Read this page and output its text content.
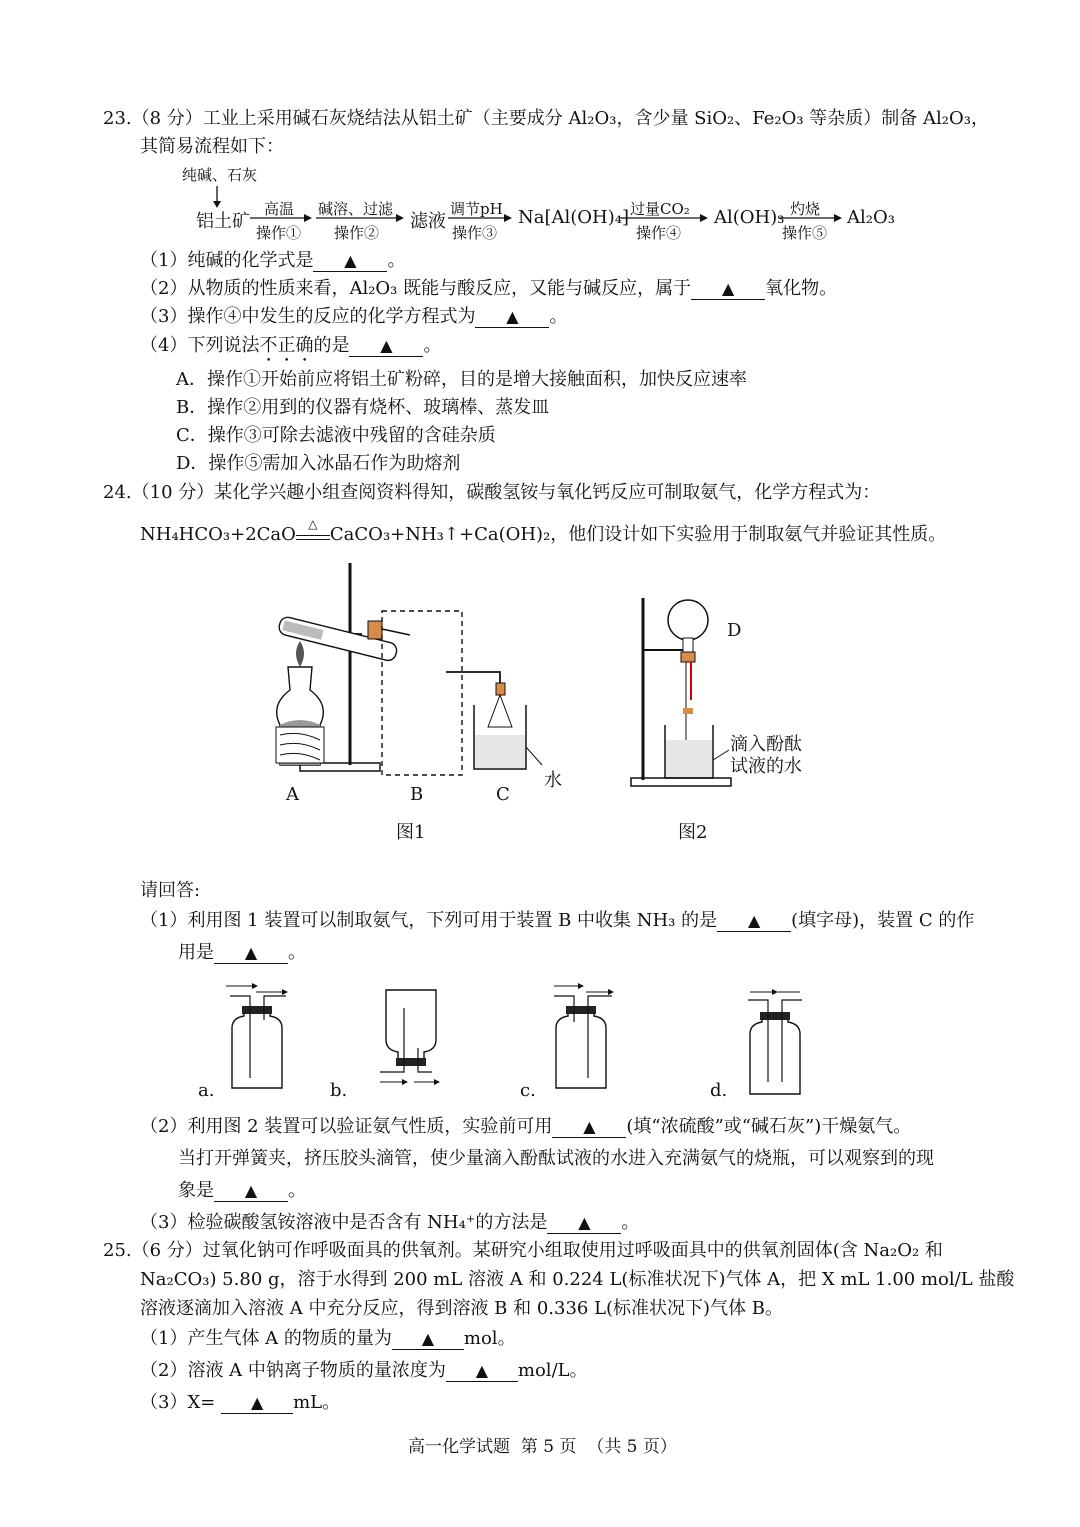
23.（8 分）工业上采用碱石灰烧结法从铝土矿（主要成分 Al₂O₃，含少量 SiO₂、Fe₂O₃ 等杂质）制备 Al₂O₃，
其简易流程如下：
纯碱、石灰
铝土矿
高温
操作①
碱溶、过滤
操作②
滤液
调节pH
操作③
Na[Al(OH)₄] 过量CO₂
操作④
Al(OH)₃ 灼烧
操作⑤
Al₂O₃
（1）纯碱的化学式是 ▲ 。
（2）从物质的性质来看，Al₂O₃ 既能与酸反应，又能与碱反应，属于 ▲ 氧化物。
（3）操作④中发生的反应的化学方程式为 ▲ 。
（4）下列说法不正确的是 ▲ 。
A．操作①开始前应将铝土矿粉碎，目的是增大接触面积，加快反应速率
B．操作②用到的仪器有烧杯、玻璃棒、蒸发皿
C．操作③可除去滤液中残留的含硅杂质
D．操作⑤需加入冰晶石作为助熔剂
24.（10 分）某化学兴趣小组查阅资料得知，碳酸氢铵与氧化钙反应可制取氨气，化学方程式为：
NH₄HCO₃+2CaO	△ CaCO₃+NH₃↑+Ca(OH)₂，他们设计如下实验用于制取氨气并验证其性质。
A	B	C
水
图1
D
滴入酚酞
试液的水
图2
请回答:
（1）利用图 1 装置可以制取氨气，下列可用于装置 B 中收集 NH₃ 的是 ▲ (填字母)，装置 C 的作
用是 ▲ 。
a.	b.	c.	d.
（2）利用图 2 装置可以验证氨气性质，实验前可用 ▲ (填“浓硫酸”或“碱石灰”)干燥氨气。
当打开弹簧夹，挤压胶头滴管，使少量滴入酚酞试液的水进入充满氨气的烧瓶，可以观察到的现
象是 ▲ 。
（3）检验碳酸氢铵溶液中是否含有 NH₄⁺的方法是 ▲ 。
25.（6 分）过氧化钠可作呼吸面具的供氧剂。某研究小组取使用过呼吸面具中的供氧剂固体(含 Na₂O₂ 和
Na₂CO₃) 5.80 g，溶于水得到 200 mL 溶液 A 和 0.224 L(标准状况下)气体 A，把 X mL 1.00 mol/L 盐酸
溶液逐滴加入溶液 A 中充分反应，得到溶液 B 和 0.336 L(标准状况下)气体 B。
（1）产生气体 A 的物质的量为 ▲ mol。
（2）溶液 A 中钠离子物质的量浓度为 ▲ mol/L。
（3）X= ▲ mL。
高一化学试题  第 5 页  （共 5 页）
